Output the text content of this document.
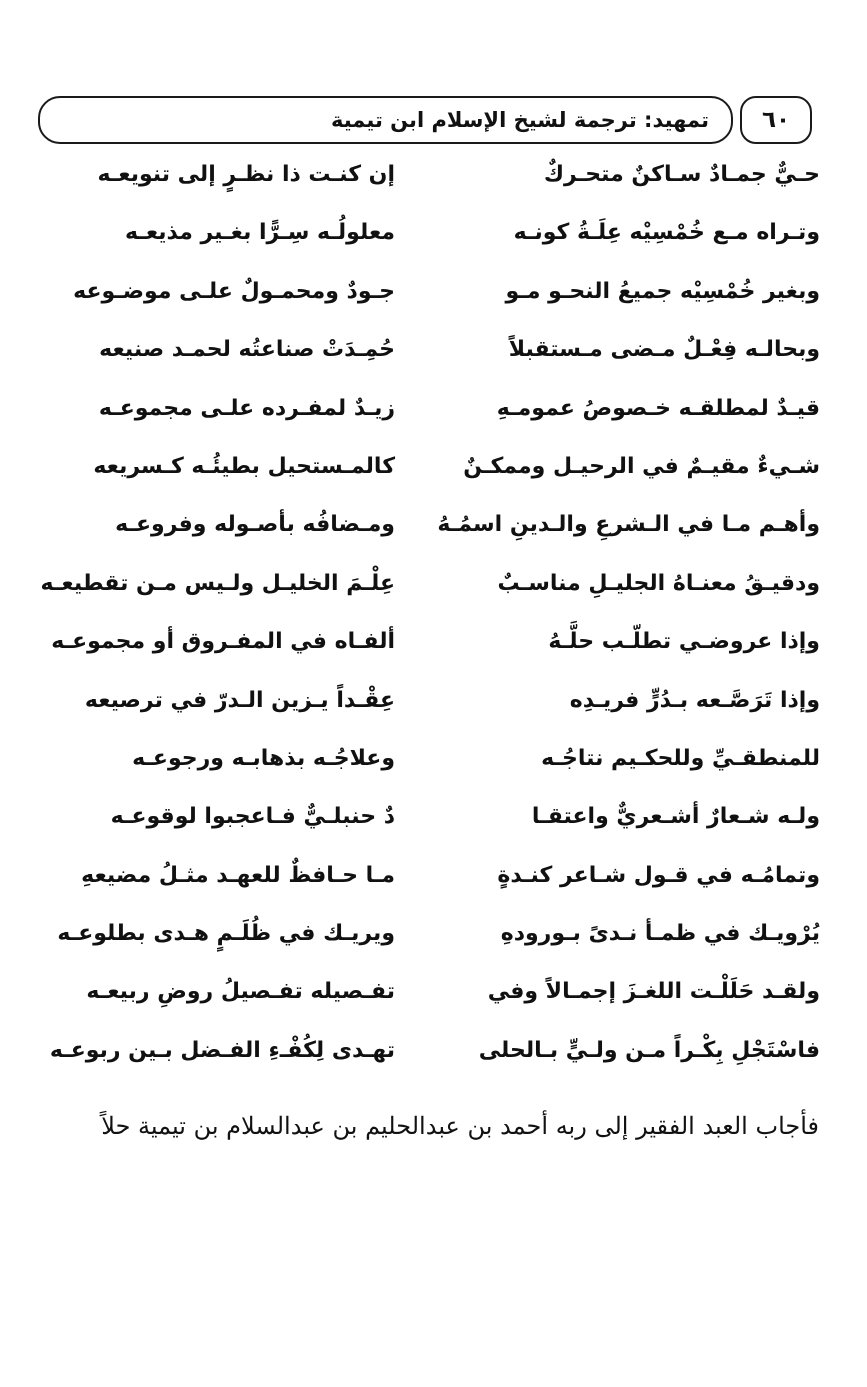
تمهيد: ترجمة لشيخ الإسلام ابن تيمية ٦٠
حـيٌّ جمـادٌ سـاكنٌ متحـركٌ
إن كنـت ذا نظـرٍ إلى تنويعـه
وتـراه مـع خُمْسِيْه عِلَـةُ كونـه
معلولُـه سِـرًّا بغـير مذيعـه
وبغير خُمْسِيْه جميعُ النحـو مـو
جـودٌ ومحمـولٌ علـى موضـوعه
وبحالـه فِعْـلٌ مـضى مـستقبلاً
حُمِـدَتْ صناعتُه لحمـد صنيعه
قيـدٌ لمطلقـه خـصوصُ عمومـهِ
زيـدٌ لمفـرده علـى مجموعـه
شـيءٌ مقيـمٌ في الرحيـل وممكـنٌ
كالمـستحيل بطيئُـه كـسريعه
وأهـم مـا في الـشرعِ والـدينِ اسمُـهُ
ومـضافُه بأصـوله وفروعـه
ودقيـقُ معنـاهُ الجليـلِ مناسـبٌ
عِلْـمَ الخليـل ولـيس مـن تقطيعـه
وإذا عروضـي تطلّـب حلَّـهُ
ألفـاه في المفـروق أو مجموعـه
وإذا تَرَصَّـعه بـدُرٍّ فريـدِه
عِقْـداً يـزين الـدرّ في ترصيعه
للمنطقـيِّ وللحكـيم نتاجُـه
وعلاجُـه بذهابـه ورجوعـه
ولـه شـعارٌ أشـعريٌّ واعتقـا
دٌ حنبلـيٌّ فـاعجبوا لوقوعـه
وتمامُـه في قـول شـاعر كنـدةٍ
مـا حـافظٌ للعهـد مثـلُ مضيعهِ
يُرْويـك في ظمـأ نـدىً بـورودهِ
ويريـك في ظُلَـمٍ هـدى بطلوعـه
ولقـد حَلَلْـت اللغـزَ إجمـالاً وفي
تفـصيله تفـصيلُ روضِ ربيعـه
فاسْتَجْلِ بِكْـراً مـن ولـيٍّ بـالحلى
تهـدى لِكُفْـءِ الفـضل بـين ربوعـه
فأجاب العبد الفقير إلى ربه أحمد بن عبدالحليم بن عبدالسلام بن تيمية حلاً
